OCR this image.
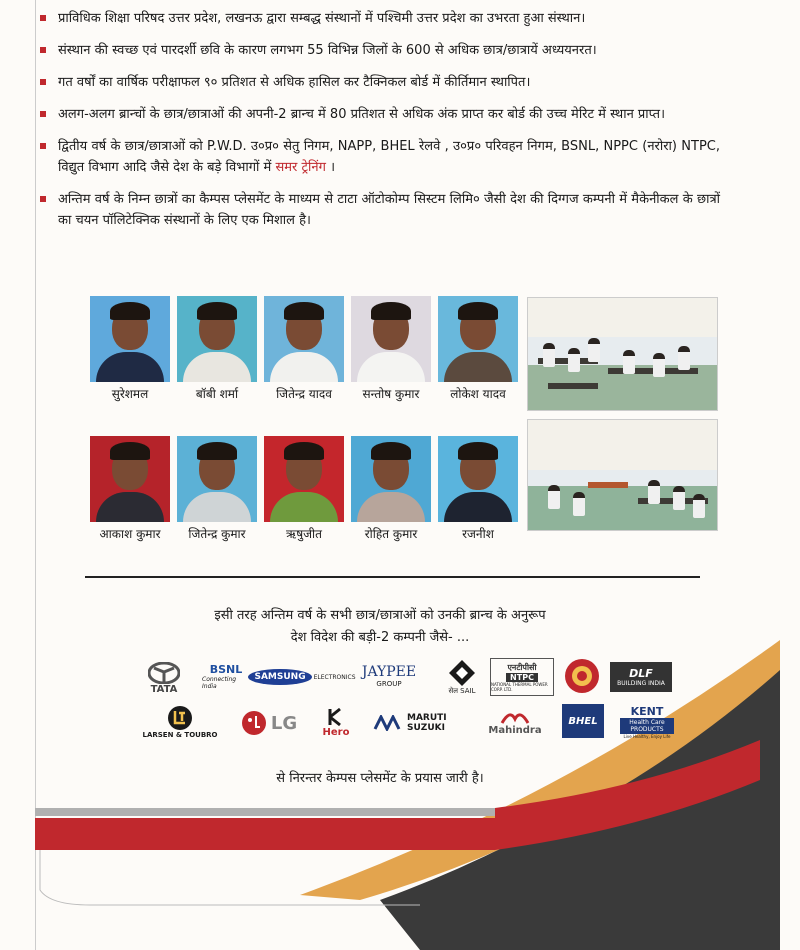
प्राविधिक शिक्षा परिषद उत्तर प्रदेश, लखनऊ द्वारा सम्बद्ध संस्थानों में पश्चिमी उत्तर प्रदेश का उभरता हुआ संस्थान।
संस्थान की स्वच्छ एवं पारदर्शी छवि के कारण लगभग 55 विभिन्न जिलों के 600 से अधिक छात्र/छात्रायें अध्ययनरत।
गत वर्षों का वार्षिक परीक्षाफल ९० प्रतिशत से अधिक हासिल कर टैक्निकल बोर्ड में कीर्तिमान स्थापित।
अलग-अलग ब्रान्चों के छात्र/छात्राओं की अपनी-2 ब्रान्च में 80 प्रतिशत से अधिक अंक प्राप्त कर बोर्ड की उच्च मेरिट में स्थान प्राप्त।
द्वितीय वर्ष के छात्र/छात्राओं को P.W.D. उ०प्र० सेतु निगम, NAPP, BHEL रेलवे , उ०प्र० परिवहन निगम, BSNL, NPPC (नरोरा) NTPC, विद्युत विभाग आदि जैसे देश के बड़े विभागों में समर ट्रेनिंग ।
अन्तिम वर्ष के निम्न छात्रों का कैम्पस प्लेसमेंट के माध्यम से टाटा ऑटोकोम्प सिस्टम लिमि० जैसी देश की दिग्गज कम्पनी में मैकेनीकल के छात्रों का चयन पॉलिटेक्निक संस्थानों के लिए एक मिशाल है।
सुरेशमल	बॉबी शर्मा	जितेन्द्र यादव	सन्तोष कुमार	लोकेश यादव
आकाश कुमार	जितेन्द्र कुमार	ऋषुजीत	रोहित कुमार	रजनीश
इसी तरह अन्तिम वर्ष के सभी छात्र/छात्राओं को उनकी ब्रान्च के अनुरूप
देश विदेश की बड़ी-2 कम्पनी जैसे- ...
TATA
BSNL
Connecting India
SAMSUNG	ELECTRONICS JAYPEE
GROUP
सेल SAIL
एनटीपीसी
NTPC
NATIONAL THERMAL POWER CORP. LTD.
DLF
BUILDING INDIA
LARSEN & TOUBRO
LG	Hero
MARUTI SUZUKI	Mahindra
BHEL
KENT
Health Care PRODUCTS
Live Healthy, Enjoy Life
से निरन्तर केम्पस प्लेसमेंट के प्रयास जारी है।
